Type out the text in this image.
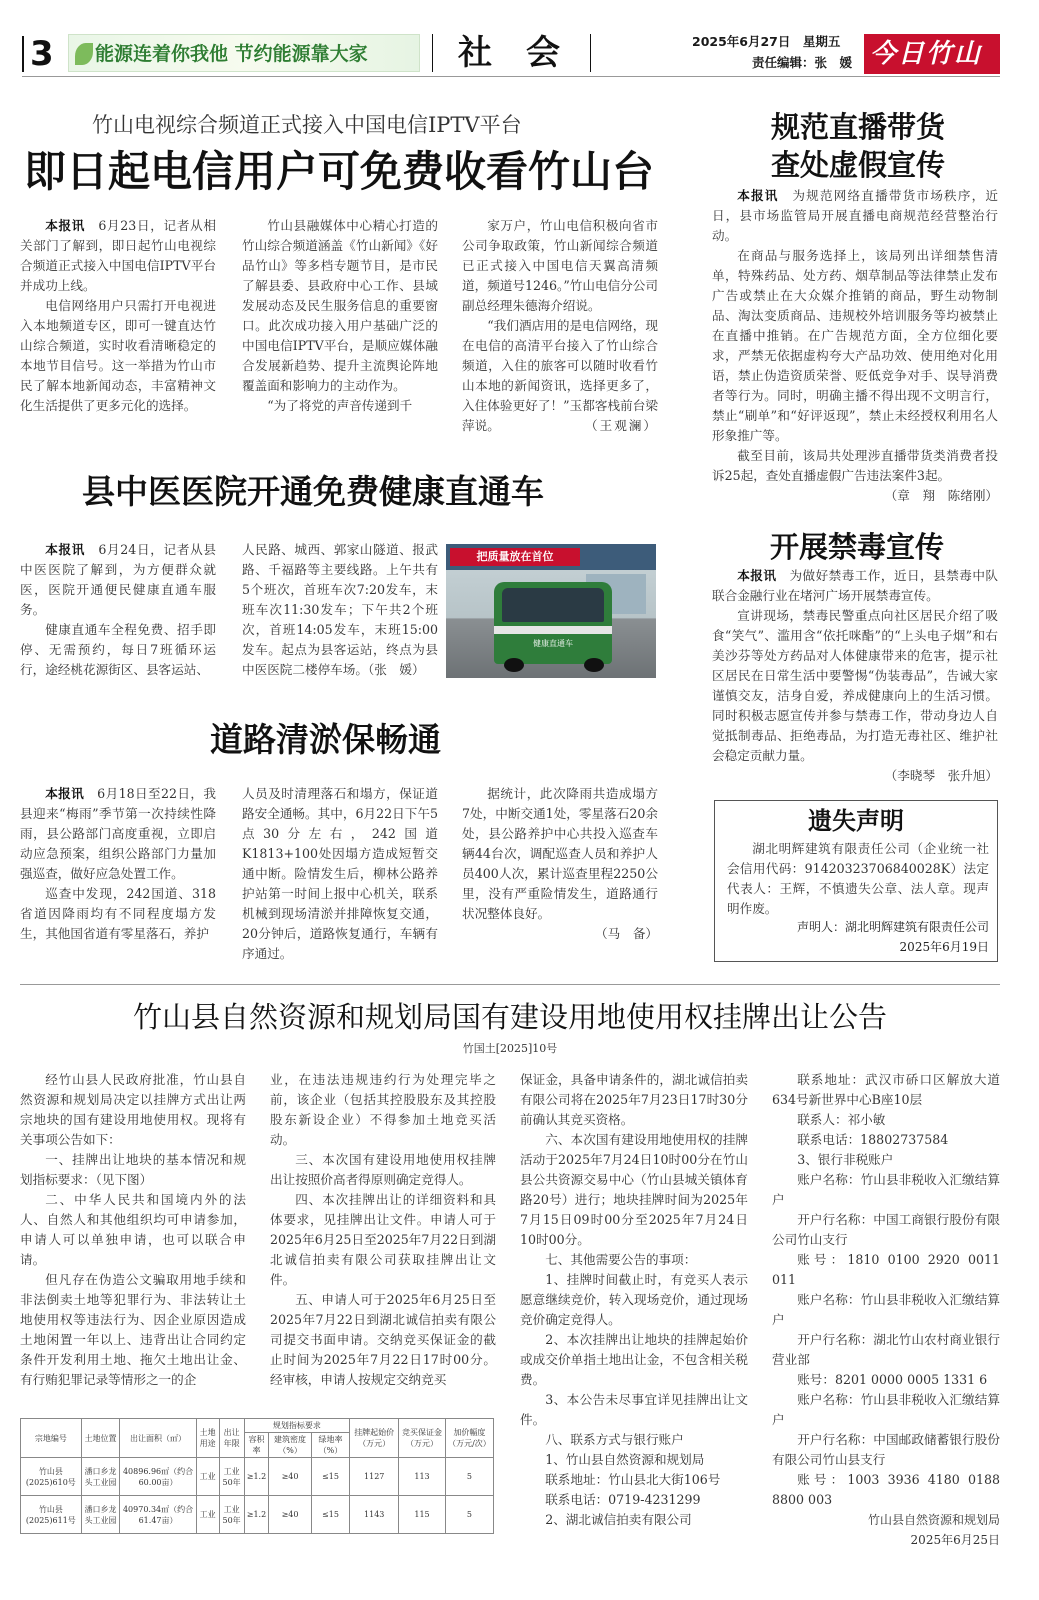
3 能源连着你我他 节约能源靠大家	社　会	2025年6月27日　星期五
责任编辑：张　媛 今日竹山
竹山电视综合频道正式接入中国电信IPTV平台
即日起电信用户可免费收看竹山台

本报讯　 6月23日，记者从相关部门了解到，即日起竹山电视综合频道正式接入中国电信IPTV平台并成功上线。

电信网络用户只需打开电视进入本地频道专区，即可一键直达竹山综合频道，实时收看清晰稳定的本地节目信号。这一举措为竹山市民了解本地新闻动态，丰富精神文化生活提供了更多元化的选择。

竹山县融媒体中心精心打造的竹山综合频道涵盖《竹山新闻》《好品竹山》等多档专题节目，是市民了解县委、县政府中心工作、县域发展动态及民生服务信息的重要窗口。此次成功接入用户基础广泛的中国电信IPTV平台，是顺应媒体融合发展新趋势、提升主流舆论阵地覆盖面和影响力的主动作为。

“为了将党的声音传递到千

家万户，竹山电信积极向省市公司争取政策，竹山新闻综合频道已正式接入中国电信天翼高清频道，频道号1246。”竹山电信分公司副总经理朱德海介绍说。

“我们酒店用的是电信网络，现在电信的高清平台接入了竹山综合频道，入住的旅客可以随时收看竹山本地的新闻资讯，选择更多了，入住体验更好了！”玉都客栈前台梁萍说。	（王观澜）

规范直播带货 查处虚假宣传

本报讯　 为规范网络直播带货市场秩序，近日，县市场监管局开展直播电商规范经营整治行动。

在商品与服务选择上，该局列出详细禁售清单，特殊药品、处方药、烟草制品等法律禁止发布广告或禁止在大众媒介推销的商品，野生动物制品、淘汰变质商品、违规校外培训服务等均被禁止在直播中推销。在广告规范方面，全方位细化要求，严禁无依据虚构夸大产品功效、使用绝对化用语，禁止伪造资质荣誉、贬低竞争对手、误导消费者等行为。同时，明确主播不得出现不文明言行，禁止“刷单”和“好评返现”，禁止未经授权利用名人形象推广等。

截至目前，该局共处理涉直播带货类消费者投诉25起，查处直播虚假广告违法案件3起。

（章　翔　陈绪刚）

县中医医院开通免费健康直通车

本报讯　 6月24日，记者从县中医医院了解到，为方便群众就医，医院开通便民健康直通车服务。

健康直通车全程免费、招手即停、无需预约，每日7班循环运行，途经桃花源街区、县客运站、

人民路、城西、郭家山隧道、报武路、千福路等主要线路。上午共有5个班次，首班车次7:20发车，末班车次11:30发车；下午共2个班次，首班14:05发车，末班15:00发车。起点为县客运站，终点为县中医医院二楼停车场。（张　媛）

把质量放在首位
健康直通车
开展禁毒宣传

本报讯　 为做好禁毒工作，近日，县禁毒中队联合金融行业在堵河广场开展禁毒宣传。

宣讲现场，禁毒民警重点向社区居民介绍了吸食“笑气”、滥用含“依托咪酯”的“上头电子烟”和右美沙芬等处方药品对人体健康带来的危害，提示社区居民在日常生活中要警惕“伪装毒品”，告诫大家谨慎交友，洁身自爱，养成健康向上的生活习惯。同时积极志愿宣传并参与禁毒工作，带动身边人自觉抵制毒品、拒绝毒品，为打造无毒社区、维护社会稳定贡献力量。

（李晓琴　张升旭）

道路清淤保畅通

本报讯　 6月18日至22日，我县迎来“梅雨”季节第一次持续性降雨，县公路部门高度重视，立即启动应急预案，组织公路部门力量加强巡查，做好应急处置工作。

巡查中发现，242国道、318省道因降雨均有不同程度塌方发生，其他国省道有零星落石，养护

人员及时清理落石和塌方，保证道路安全通畅。其中，6月22日下午5点30分左右，242国道K1813+100处因塌方造成短暂交通中断。险情发生后，柳林公路养护站第一时间上报中心机关，联系机械到现场清淤并排障恢复交通，20分钟后，道路恢复通行，车辆有序通过。

据统计，此次降雨共造成塌方7处，中断交通1处，零星落石20余处，县公路养护中心共投入巡查车辆44台次，调配巡查人员和养护人员400人次，累计巡查里程2250公里，没有严重险情发生，道路通行状况整体良好。

（马　备）

遗失声明
湖北明辉建筑有限责任公司（企业统一社会信用代码：91420323706840028K）法定代表人：王辉，不慎遗失公章、法人章。现声明作废。
声明人：湖北明辉建筑有限责任公司
2025年6月19日
竹山县自然资源和规划局国有建设用地使用权挂牌出让公告
竹国土[2025]10号

经竹山县人民政府批准，竹山县自然资源和规划局决定以挂牌方式出让两宗地块的国有建设用地使用权。现将有关事项公告如下：

一、挂牌出让地块的基本情况和规划指标要求：（见下图）

二、中华人民共和国境内外的法人、自然人和其他组织均可申请参加，申请人可以单独申请，也可以联合申请。

但凡存在伪造公文骗取用地手续和非法倒卖土地等犯罪行为、非法转让土地使用权等违法行为、因企业原因造成土地闲置一年以上、违背出让合同约定条件开发利用土地、拖欠土地出让金、有行贿犯罪记录等情形之一的企

业，在违法违规违约行为处理完毕之前，该企业（包括其控股股东及其控股股东新设企业）不得参加土地竞买活动。

三、本次国有建设用地使用权挂牌出让按照价高者得原则确定竞得人。

四、本次挂牌出让的详细资料和具体要求，见挂牌出让文件。申请人可于2025年6月25日至2025年7月22日到湖北诚信拍卖有限公司获取挂牌出让文件。

五、申请人可于2025年6月25日至2025年7月22日到湖北诚信拍卖有限公司提交书面申请。交纳竞买保证金的截止时间为2025年7月22日17时00分。经审核，申请人按规定交纳竞买

保证金，具备申请条件的，湖北诚信拍卖有限公司将在2025年7月23日17时30分前确认其竞买资格。

六、本次国有建设用地使用权的挂牌活动于2025年7月24日10时00分在竹山县公共资源交易中心（竹山县城关镇体育路20号）进行；地块挂牌时间为2025年7月15日09时00分至2025年7月24日10时00分。

七、其他需要公告的事项：

1、挂牌时间截止时，有竞买人表示愿意继续竞价，转入现场竞价，通过现场竞价确定竞得人。

2、本次挂牌出让地块的挂牌起始价或成交价单指土地出让金，不包含相关税费。

3、本公告未尽事宜详见挂牌出让文件。

八、联系方式与银行账户

1、竹山县自然资源和规划局

联系地址：竹山县北大街106号

联系电话：0719-4231299

2、湖北诚信拍卖有限公司

联系地址：武汉市硚口区解放大道634号新世界中心B座10层

联系人：祁小敏

联系电话：18802737584

3、银行非税账户

账户名称：竹山县非税收入汇缴结算户

开户行名称：中国工商银行股份有限公司竹山支行

账号：1810 0100 2920 0011 011

账户名称：竹山县非税收入汇缴结算户

开户行名称：湖北竹山农村商业银行营业部

账号：8201 0000 0005 1331 6

账户名称：竹山县非税收入汇缴结算户

开户行名称：中国邮政储蓄银行股份有限公司竹山县支行

账号：1003 3936 4180 0188 8800 003

竹山县自然资源和规划局

2025年6月25日

宗地编号	土地位置	出让面积（㎡）	土地用途	出让年限	规划指标要求			挂牌起始价（万元）	竞买保证金（万元）	加价幅度（万元/次）
					容积率	建筑密度（%）	绿地率（%）			
竹山县(2025)610号	潘口乡龙头工业园	40896.96㎡（约合60.00亩）	工业	工业50年	≥1.2	≥40	≤15	1127	113	5
竹山县(2025)611号	潘口乡龙头工业园	40970.34㎡（约合61.47亩）	工业	工业50年	≥1.2	≥40	≤15	1143	115	5
